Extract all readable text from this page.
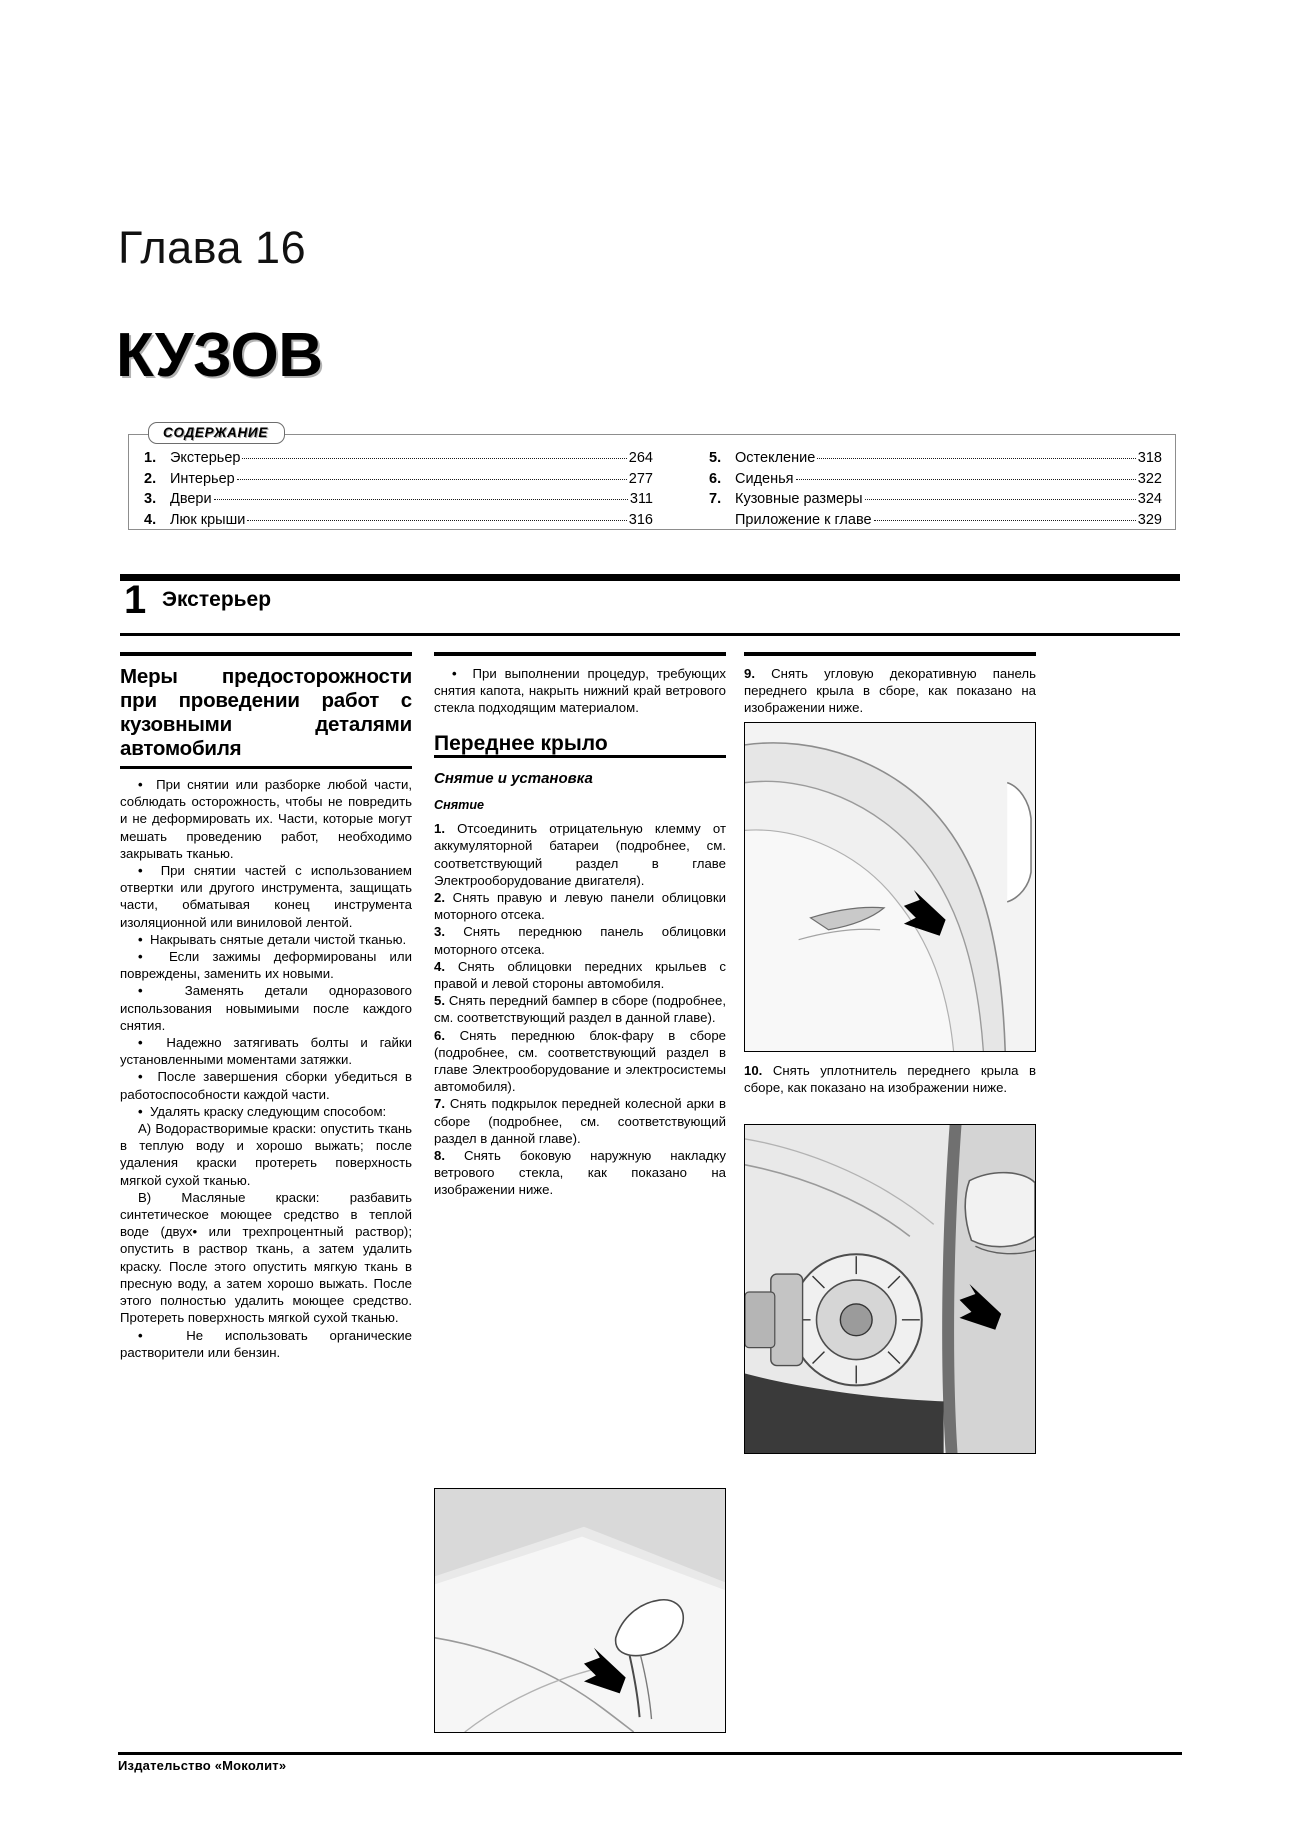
Глава 16
КУЗОВ
СОДЕРЖАНИЕ
1. Экстерьер	264
2. Интерьер	277
3. Двери	311
4. Люк крыши	316
5. Остекление	318
6. Сиденья	322
7. Кузовные размеры	324
Приложение к главе	329
1 Экстерьер
Меры предосторожности при проведении работ с кузовными деталями автомобиля

•  При снятии или разборке любой части, соблюдать осторожность, чтобы не повредить и не деформировать их. Части, которые могут мешать проведению работ, необходимо закрывать тканью.

•  При снятии частей с использованием отвертки или другого инструмента, защищать части, обматывая конец инструмента изоляционной или виниловой лентой.

•  Накрывать снятые детали чистой тканью.

•  Если зажимы деформированы или повреждены, заменить их новыми.

•  Заменять детали одноразового использования новымиыми после каждого снятия.

•  Надежно затягивать болты и гайки установленными моментами затяжки.

•  После завершения сборки убедиться в работоспособности каждой части.

•  Удалять краску следующим способом:

А) Водорастворимые краски: опустить ткань в теплую воду и хорошо выжать; после удаления краски протереть поверхность мягкой сухой тканью.

В) Масляные краски: разбавить синтетическое моющее средство в теплой воде (двух• или трехпроцентный раствор); опустить в раствор ткань, а затем удалить краску. После этого опустить мягкую ткань в пресную воду, а затем хорошо выжать. После этого полностью удалить моющее средство. Протереть поверхность мягкой сухой тканью.

•  Не использовать органические растворители или бензин.

•  При выполнении процедур, требующих снятия капота, накрыть нижний край ветрового стекла подходящим материалом.

Переднее крыло
Снятие и установка
Снятие

1. Отсоединить отрицательную клемму от аккумуляторной батареи (подробнее, см. соответствующий раздел в главе Электрооборудование двигателя).

2. Снять правую и левую панели облицовки моторного отсека.

3. Снять переднюю панель облицовки моторного отсека.

4. Снять облицовки передних крыльев с правой и левой стороны автомобиля.

5. Снять передний бампер в сборе (подробнее, см. соответствующий раздел в данной главе).

6. Снять переднюю блок-фару в сборе (подробнее, см. соответствующий раздел в главе Электрооборудование и электросистемы автомобиля).

7. Снять подкрылок передней колесной арки в сборе (подробнее, см. соответствующий раздел в данной главе).

8. Снять боковую наружную накладку ветрового стекла, как показано на изображении ниже.

9. Снять угловую декоративную панель переднего крыла в сборе, как показано на изображении ниже.

10. Снять уплотнитель переднего крыла в сборе, как показано на изображении ниже.
Издательство «Моколит»
